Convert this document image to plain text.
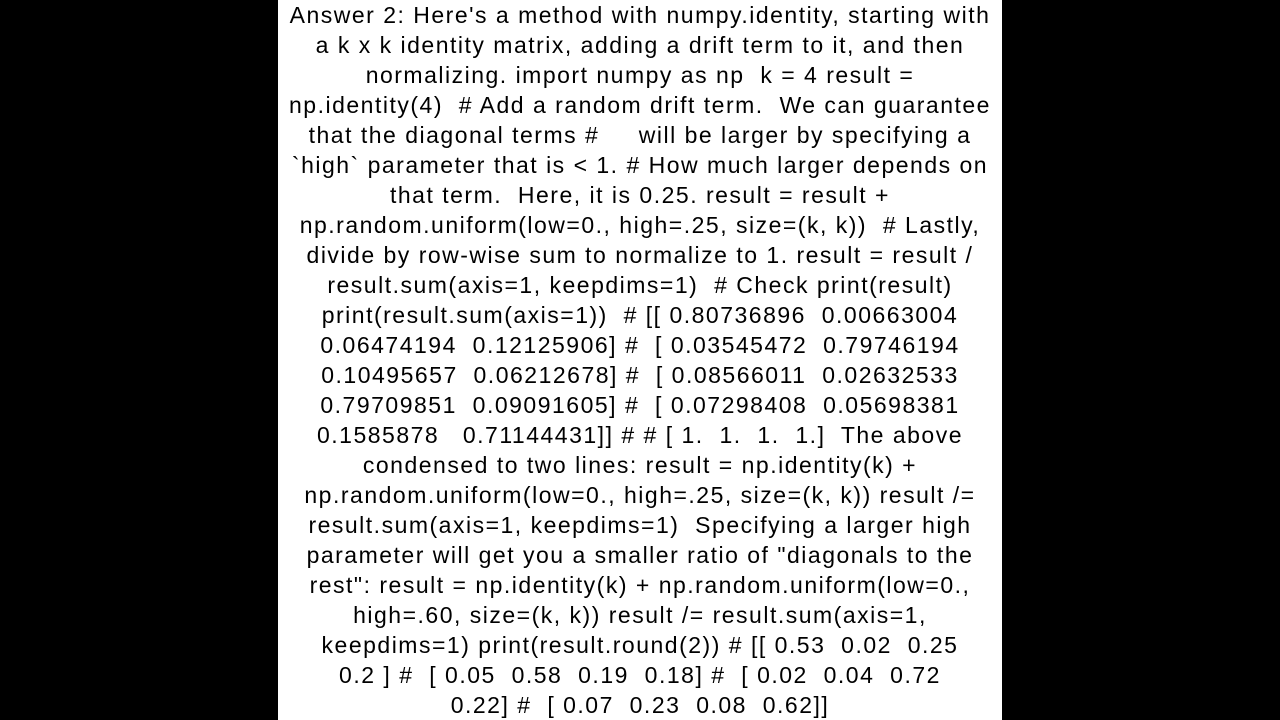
Answer 2: Here's a method with numpy.identity, starting with
a k x k identity matrix, adding a drift term to it, and then
normalizing. import numpy as np  k = 4 result =
np.identity(4)  # Add a random drift term.  We can guarantee
that the diagonal terms #     will be larger by specifying a
`high` parameter that is < 1. # How much larger depends on
that term.  Here, it is 0.25. result = result +
np.random.uniform(low=0., high=.25, size=(k, k))  # Lastly,
divide by row-wise sum to normalize to 1. result = result /
result.sum(axis=1, keepdims=1)  # Check print(result)
print(result.sum(axis=1))  # [[ 0.80736896  0.00663004
0.06474194  0.12125906] #  [ 0.03545472  0.79746194
0.10495657  0.06212678] #  [ 0.08566011  0.02632533
0.79709851  0.09091605] #  [ 0.07298408  0.05698381
0.1585878   0.71144431]] # # [ 1.  1.  1.  1.]  The above
condensed to two lines: result = np.identity(k) +
np.random.uniform(low=0., high=.25, size=(k, k)) result /=
result.sum(axis=1, keepdims=1)  Specifying a larger high
parameter will get you a smaller ratio of "diagonals to the
rest": result = np.identity(k) + np.random.uniform(low=0.,
high=.60, size=(k, k)) result /= result.sum(axis=1,
keepdims=1) print(result.round(2)) # [[ 0.53  0.02  0.25
0.2 ] #  [ 0.05  0.58  0.19  0.18] #  [ 0.02  0.04  0.72
0.22] #  [ 0.07  0.23  0.08  0.62]]
